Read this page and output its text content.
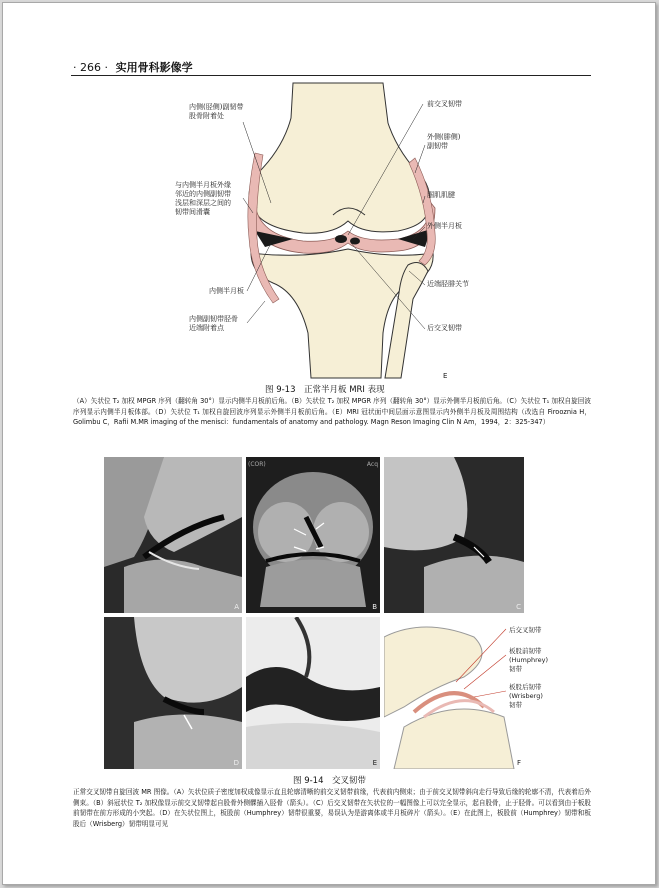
· 266 · 实用骨科影像学
内侧(胫侧)副韧带
股骨附着处
前交叉韧带
外侧(腓侧)
副韧带
与内侧半月板外缘
邻近的内侧副韧带
浅层和深层之间的
韧带间滑囊
腘肌肌腱
外侧半月板
内侧半月板
近端胫腓关节
内侧副韧带胫骨
近端附着点	后交叉韧带
E
图 9-13　正常半月板 MRI 表现
（A）矢状位 T₂ 加权 MPGR 序列（翻转角 30°）显示内侧半月板前后角。（B）矢状位 T₂ 加权 MPGR 序列（翻转角 30°）显示外侧半月板前后角。（C）矢状位 T₁ 加权自旋回波序列显示内侧半月板体部。（D）矢状位 T₁ 加权自旋回波序列显示外侧半月板前后角。（E）MRI 冠状面中间层面示意图显示内外侧半月板及周围结构（改选自 Firooznia H，Golimbu C，Rafii M.MR imaging of the menisci：fundamentals of anatomy and pathology. Magn Reson Imaging Clin N Am，1994，2：325-347）
A
(COR)	Acq
B	C
D	E	F
后交叉韧带
板股前韧带
(Humphrey)
韧带
板股后韧带
(Wrisberg)
韧带
图 9-14　交叉韧带
正常交叉韧带自旋回波 MR 图像。（A）矢状位质子密度加权成像显示直且轮廓清晰的前交叉韧带前缘，代表前内侧束；由于前交叉韧带斜向走行导致后缘的轮廓不清，代表着后外侧束。（B）斜冠状位 T₂ 加权像显示前交叉韧带起自股骨外侧髁插入胫骨（箭头）。（C）后交叉韧带在矢状位的一幅图像上可以完全显示，起自股骨，止于胫骨。可以看到由于板股前韧带在前方形成的小突起。（D）在矢状位图上，板股前（Humphrey）韧带很重要，易误认为是游离体或半月板碎片（箭头）。（E）在此图上，板股前（Humphrey）韧带和板股后（Wrisberg）韧带明显可见
